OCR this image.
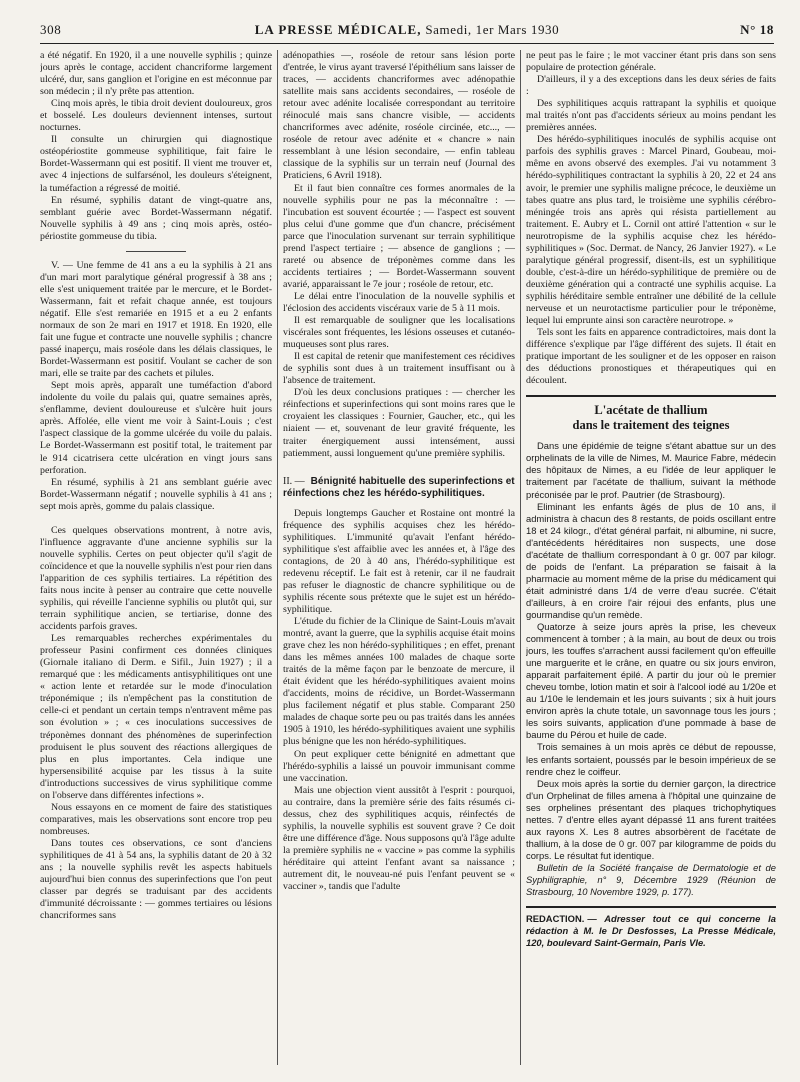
308	LA PRESSE MÉDICALE, Samedi, 1er Mars 1930	N° 18

a été négatif. En 1920, il a une nouvelle syphilis ; quinze jours après le contage, accident chancriforme largement ulcéré, dur, sans ganglion et l'origine en est méconnue par son médecin ; il n'y prête pas attention.

Cinq mois après, le tibia droit devient douloureux, gros et bosselé. Les douleurs deviennent intenses, surtout nocturnes.

Il consulte un chirurgien qui diagnostique ostéopériostite gommeuse syphilitique, fait faire le Bordet-Wassermann qui est positif. Il vient me trouver et, avec 4 injections de sulfarsénol, les douleurs s'éteignent, la tuméfaction a régressé de moitié.

En résumé, syphilis datant de vingt-quatre ans, semblant guérie avec Bordet-Wassermann négatif. Nouvelle syphilis à 49 ans ; cinq mois après, ostéo-périostite gommeuse du tibia.

V. — Une femme de 41 ans a eu la syphilis à 21 ans d'un mari mort paralytique général progressif à 38 ans ; elle s'est uniquement traitée par le mercure, et le Bordet-Wassermann, fait et refait chaque année, est toujours négatif. Elle s'est remariée en 1915 et a eu 2 enfants normaux de son 2e mari en 1917 et 1918. En 1920, elle fait une fugue et contracte une nouvelle syphilis ; chancre passé inaperçu, mais roséole dans les délais classiques, le Bordet-Wassermann est positif. Voulant se cacher de son mari, elle se traite par des cachets et pilules.

Sept mois après, apparaît une tuméfaction d'abord indolente du voile du palais qui, quatre semaines après, s'enflamme, devient douloureuse et s'ulcère huit jours après. Affolée, elle vient me voir à Saint-Louis ; c'est l'aspect classique de la gomme ulcérée du voile du palais. Le Bordet-Wassermann est positif total, le traitement par le 914 cicatrisera cette ulcération en vingt jours sans perforation.

En résumé, syphilis à 21 ans semblant guérie avec Bordet-Wassermann négatif ; nouvelle syphilis à 41 ans ; sept mois après, gomme du palais classique.

Ces quelques observations montrent, à notre avis, l'influence aggravante d'une ancienne syphilis sur la nouvelle syphilis. Certes on peut objecter qu'il s'agit de coïncidence et que la nouvelle syphilis n'est pour rien dans l'apparition de ces syphilis tertiaires. La répétition des faits nous incite à penser au contraire que cette nouvelle syphilis, qui réveille l'ancienne syphilis ou plutôt qui, sur terrain syphilitique ancien, se tertiarise, donne des accidents parfois graves.

Les remarquables recherches expérimentales du professeur Pasini confirment ces données cliniques (Giornale italiano di Derm. e Sifil., Juin 1927) ; il a remarqué que : les médicaments antisyphilitiques ont une « action lente et retardée sur le mode d'inoculation tréponémique ; ils n'empêchent pas la constitution de celle-ci et pendant un certain temps n'entravent même pas son évolution » ; « ces inoculations successives de tréponèmes donnant des phénomènes de superinfection produisent le plus souvent des réactions allergiques de plus en plus importantes. Cela indique une hypersensibilité acquise par les tissus à la suite d'introductions successives de virus syphilitique comme on l'observe dans différentes infections ».

Nous essayons en ce moment de faire des statistiques comparatives, mais les observations sont encore trop peu nombreuses.

Dans toutes ces observations, ce sont d'anciens syphilitiques de 41 à 54 ans, la syphilis datant de 20 à 32 ans ; la nouvelle syphilis revêt les aspects habituels aujourd'hui bien connus des superinfections que l'on peut classer par degrés se traduisant par des accidents d'immunité décroissante : — gommes tertiaires ou lésions chancriformes sans

adénopathies —, roséole de retour sans lésion porte d'entrée, le virus ayant traversé l'épithélium sans laisser de traces, — accidents chancriformes avec adénopathie satellite mais sans accidents secondaires, — roséole de retour avec adénite localisée correspondant au territoire réinoculé mais sans chancre visible, — accidents chancriformes avec adénite, roséole circinée, etc..., — roséole de retour avec adénite et « chancre » nain ressemblant à une lésion secondaire, — enfin tableau classique de la syphilis sur un terrain neuf (Journal des Praticiens, 6 Avril 1918).

Et il faut bien connaître ces formes anormales de la nouvelle syphilis pour ne pas la méconnaître : — l'incubation est souvent écourtée ; — l'aspect est souvent plus celui d'une gomme que d'un chancre, précisément parce que l'inoculation survenant sur terrain syphilitique prend l'aspect tertiaire ; — absence de ganglions ; — rareté ou absence de tréponèmes comme dans les accidents tertiaires ; — Bordet-Wassermann souvent avarié, apparaissant le 7e jour ; roséole de retour, etc.

Le délai entre l'inoculation de la nouvelle syphilis et l'éclosion des accidents viscéraux varie de 5 à 11 mois.

Il est remarquable de souligner que les localisations viscérales sont fréquentes, les lésions osseuses et cutanéo-muqueuses sont plus rares.

Il est capital de retenir que manifestement ces récidives de syphilis sont dues à un traitement insuffisant ou à l'absence de traitement.

D'où les deux conclusions pratiques : — chercher les réinfections et superinfections qui sont moins rares que le croyaient les classiques : Fournier, Gaucher, etc., qui les niaient — et, souvenant de leur gravité fréquente, les traiter énergiquement aussi intensément, aussi patiemment, aussi longuement qu'une première syphilis.

II. — Bénignité habituelle des superinfections et réinfections chez les hérédo-syphilitiques.

Depuis longtemps Gaucher et Rostaine ont montré la fréquence des syphilis acquises chez les hérédo-syphilitiques. L'immunité qu'avait l'enfant hérédo-syphilitique s'est affaiblie avec les années et, à l'âge des contagions, de 20 à 40 ans, l'hérédo-syphilitique est redevenu réceptif. Le fait est à retenir, car il ne faudrait pas refuser le diagnostic de chancre syphilitique ou de syphilis récente sous prétexte que le sujet est un hérédo-syphilitique.

L'étude du fichier de la Clinique de Saint-Louis m'avait montré, avant la guerre, que la syphilis acquise était moins grave chez les non hérédo-syphilitiques ; en effet, prenant dans les mêmes années 100 malades de chaque sorte traités de la même façon par le benzoate de mercure, il était évident que les hérédo-syphilitiques avaient moins d'accidents, moins de récidive, un Bordet-Wassermann plus facilement négatif et plus stable. Comparant 250 malades de chaque sorte peu ou pas traités dans les années 1905 à 1910, les hérédo-syphilitiques avaient une syphilis plus bénigne que les non hérédo-syphilitiques.

On peut expliquer cette bénignité en admettant que l'hérédo-syphilis a laissé un pouvoir immunisant comme une vaccination.

Mais une objection vient aussitôt à l'esprit : pourquoi, au contraire, dans la première série des faits résumés ci-dessus, chez des syphilitiques acquis, réinfectés de syphilis, la nouvelle syphilis est souvent grave ? Ce doit être une différence d'âge. Nous supposons qu'à l'âge adulte la première syphilis ne « vaccine » pas comme la syphilis héréditaire qui atteint l'enfant avant sa naissance ; autrement dit, le nouveau-né puis l'enfant peuvent se « vacciner », tandis que l'adulte

ne peut pas le faire ; le mot vacciner étant pris dans son sens populaire de protection générale.

D'ailleurs, il y a des exceptions dans les deux séries de faits :

Des syphilitiques acquis rattrapant la syphilis et quoique mal traités n'ont pas d'accidents sérieux au moins pendant les premières années.

Des hérédo-syphilitiques inoculés de syphilis acquise ont parfois des syphilis graves : Marcel Pinard, Goubeau, moi-même en avons observé des exemples. J'ai vu notamment 3 hérédo-syphilitiques contractant la syphilis à 20, 22 et 24 ans avoir, le premier une syphilis maligne précoce, le deuxième un tabes quatre ans plus tard, le troisième une syphilis cérébro-méningée trois ans après qui résista partiellement au traitement. E. Aubry et L. Cornil ont attiré l'attention « sur le neurotropisme de la syphilis acquise chez les hérédo-syphilitiques » (Soc. Dermat. de Nancy, 26 Janvier 1927). « Le paralytique général progressif, disent-ils, est un syphilitique double, c'est-à-dire un hérédo-syphilitique de première ou de deuxième génération qui a contracté une syphilis acquise. La syphilis héréditaire semble entraîner une débilité de la cellule nerveuse et un neurotactisme particulier pour le tréponème, lequel lui emprunte ainsi son caractère neurotrope. »

Tels sont les faits en apparence contradictoires, mais dont la différence s'explique par l'âge différent des sujets. Il était en pratique important de les souligner et de les opposer en raison des déductions pronostiques et thérapeutiques qui en découlent.

L'acétate de thallium
dans le traitement des teignes

Dans une épidémie de teigne s'étant abattue sur un des orphelinats de la ville de Nimes, M. Maurice Fabre, médecin des hôpitaux de Nimes, a eu l'idée de leur appliquer le traitement par l'acétate de thallium, suivant la méthode préconisée par le prof. Pautrier (de Strasbourg).

Eliminant les enfants âgés de plus de 10 ans, il administra à chacun des 8 restants, de poids oscillant entre 18 et 24 kilogr., d'état général parfait, ni albumine, ni sucre, d'antécédents héréditaires non suspects, une dose d'acétate de thallium correspondant à 0 gr. 007 par kilogr. de poids de l'enfant. La préparation se faisait à la pharmacie au moment même de la prise du médicament qui était administré dans 1/4 de verre d'eau sucrée. C'était d'ailleurs, à en croire l'air réjoui des enfants, plus une gourmandise qu'un remède.

Quatorze à seize jours après la prise, les cheveux commencent à tomber ; à la main, au bout de deux ou trois jours, les touffes s'arrachent aussi facilement qu'on effeuille une marguerite et le crâne, en quatre ou six jours environ, apparait parfaitement épilé. A partir du jour où le premier cheveu tombe, lotion matin et soir à l'alcool iodé au 1/20e et au 1/10e le lendemain et les jours suivants ; six à huit jours environ après la chute totale, un savonnage tous les jours ; les soirs suivants, application d'une pommade à base de baume du Pérou et huile de cade.

Trois semaines à un mois après ce début de repousse, les enfants sortaient, poussés par le besoin impérieux de se rendre chez le coiffeur.

Deux mois après la sortie du dernier garçon, la directrice d'un Orphelinat de filles amena à l'hôpital une quinzaine de ses orphelines présentant des plaques trichophytiques nettes. 7 d'entre elles ayant dépassé 11 ans furent traitées aux rayons X. Les 8 autres absorbèrent de l'acétate de thallium, à la dose de 0 gr. 007 par kilogramme de poids du corps. Le résultat fut identique.

Bulletin de la Société française de Dermatologie et de Syphiligraphie, n° 9, Décembre 1929 (Réunion de Strasbourg, 10 Novembre 1929, p. 177).

REDACTION. — Adresser tout ce qui concerne la rédaction à M. le Dr Desfosses, La Presse Médicale, 120, boulevard Saint-Germain, Paris VIe.
